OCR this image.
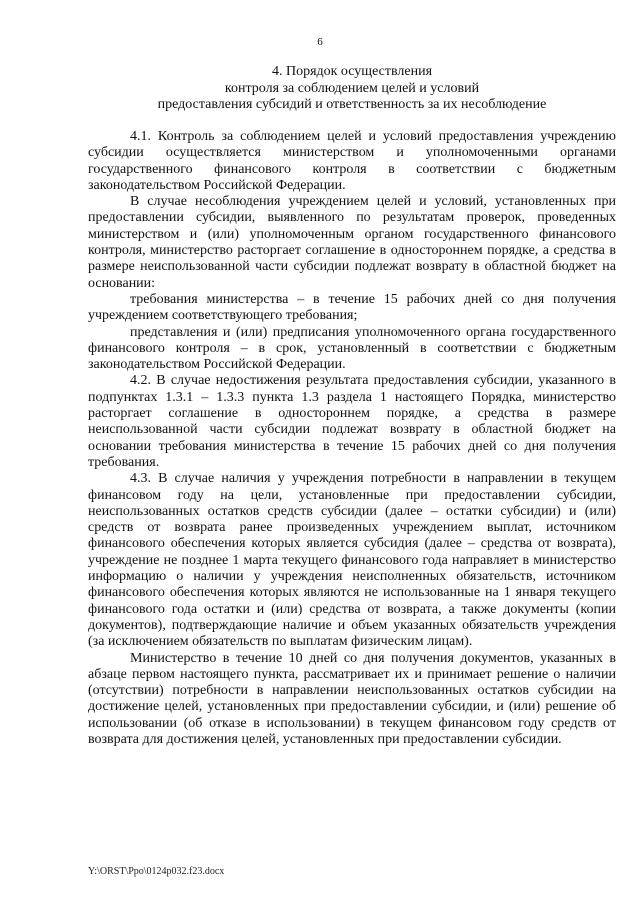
6
4. Порядок осуществления
контроля за соблюдением целей и условий
предоставления субсидий и ответственность за их несоблюдение

4.1. Контроль за соблюдением целей и условий предоставления учреждению субсидии осуществляется министерством и уполномоченными органами государственного финансового контроля в соответствии с бюджетным законодательством Российской Федерации.

В случае несоблюдения учреждением целей и условий, установленных при предоставлении субсидии, выявленного по результатам проверок, проведенных министерством и (или) уполномоченным органом государственного финансового контроля, министерство расторгает соглашение в одностороннем порядке, а средства в размере неиспользованной части субсидии подлежат возврату в областной бюджет на основании:

требования министерства – в течение 15 рабочих дней со дня получения учреждением соответствующего требования;

представления и (или) предписания уполномоченного органа государственного финансового контроля – в срок, установленный в соответствии с бюджетным законодательством Российской Федерации.

4.2. В случае недостижения результата предоставления субсидии, указанного в подпунктах 1.3.1 – 1.3.3 пункта 1.3 раздела 1 настоящего Порядка, министерство расторгает соглашение в одностороннем порядке, а средства в размере неиспользованной части субсидии подлежат возврату в областной бюджет на основании требования министерства в течение 15 рабочих дней со дня получения требования.

4.3. В случае наличия у учреждения потребности в направлении в текущем финансовом году на цели, установленные при предоставлении субсидии, неиспользованных остатков средств субсидии (далее – остатки субсидии) и (или) средств от возврата ранее произведенных учреждением выплат, источником финансового обеспечения которых является субсидия (далее – средства от возврата), учреждение не позднее 1 марта текущего финансового года направляет в министерство информацию о наличии у учреждения неисполненных обязательств, источником финансового обеспечения которых являются не использованные на 1 января текущего финансового года остатки и (или) средства от возврата, а также документы (копии документов), подтверждающие наличие и объем указанных обязательств учреждения (за исключением обязательств по выплатам физическим лицам).

Министерство в течение 10 дней со дня получения документов, указанных в абзаце первом настоящего пункта, рассматривает их и принимает решение о наличии (отсутствии) потребности в направлении неиспользованных остатков субсидии на достижение целей, установленных при предоставлении субсидии, и (или) решение об использовании (об отказе в использовании) в текущем финансовом году средств от возврата для достижения целей, установленных при предоставлении субсидии.

Y:\ORST\Ppo\0124p032.f23.docx
